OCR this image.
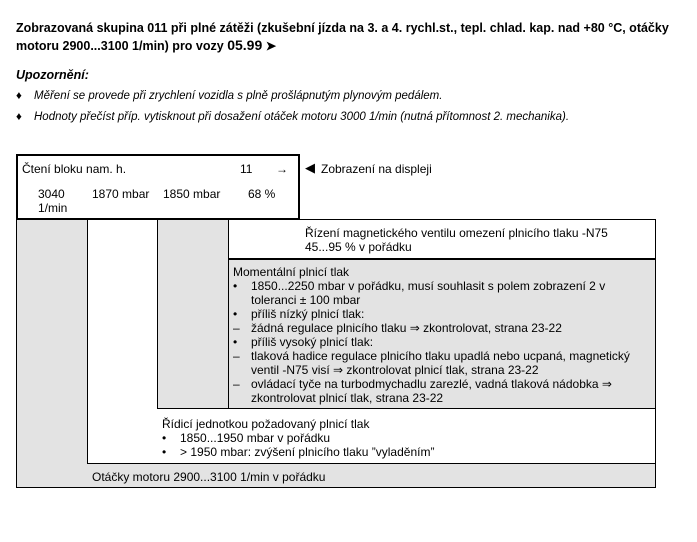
Zobrazovaná skupina 011 při plné zátěži (zkušební jízda na 3. a 4. rychl.st., tepl. chlad. kap. nad +80 °C, otáčky motoru 2900...3100 1/min) pro vozy 05.99 ➤
Upozornění:
♦ Měření se provede při zrychlení vozidla s plně prošlápnutým plynovým pedálem.
♦ Hodnoty přečíst příp. vytisknout při dosažení otáček motoru 3000 1/min (nutná přítomnost 2. mechanika).
Čtení bloku nam. h.	11 →
3040
1/min
1870 mbar 1850 mbar 68 %
◀ Zobrazení na displeji
Řízení magnetického ventilu omezení plnicího tlaku -N75
45...95 % v pořádku
Momentální plnicí tlak
• 1850...2250 mbar v pořádku, musí souhlasit s polem zobrazení 2 v toleranci ± 100 mbar
• příliš nízký plnicí tlak:
– žádná regulace plnicího tlaku ⇒ zkontrolovat, strana 23-22
• příliš vysoký plnicí tlak:
– tlaková hadice regulace plnicího tlaku upadlá nebo ucpaná, magnetický ventil -N75 visí ⇒ zkontrolovat plnicí tlak, strana 23-22
– ovládací tyče na turbodmychadlu zarezlé, vadná tlaková nádobka ⇒ zkontrolovat plnicí tlak, strana 23-22
Řídicí jednotkou požadovaný plnicí tlak
• 1850...1950 mbar v pořádku
• > 1950 mbar: zvýšení plnicího tlaku ”vyladěním”
Otáčky motoru 2900...3100 1/min v pořádku
